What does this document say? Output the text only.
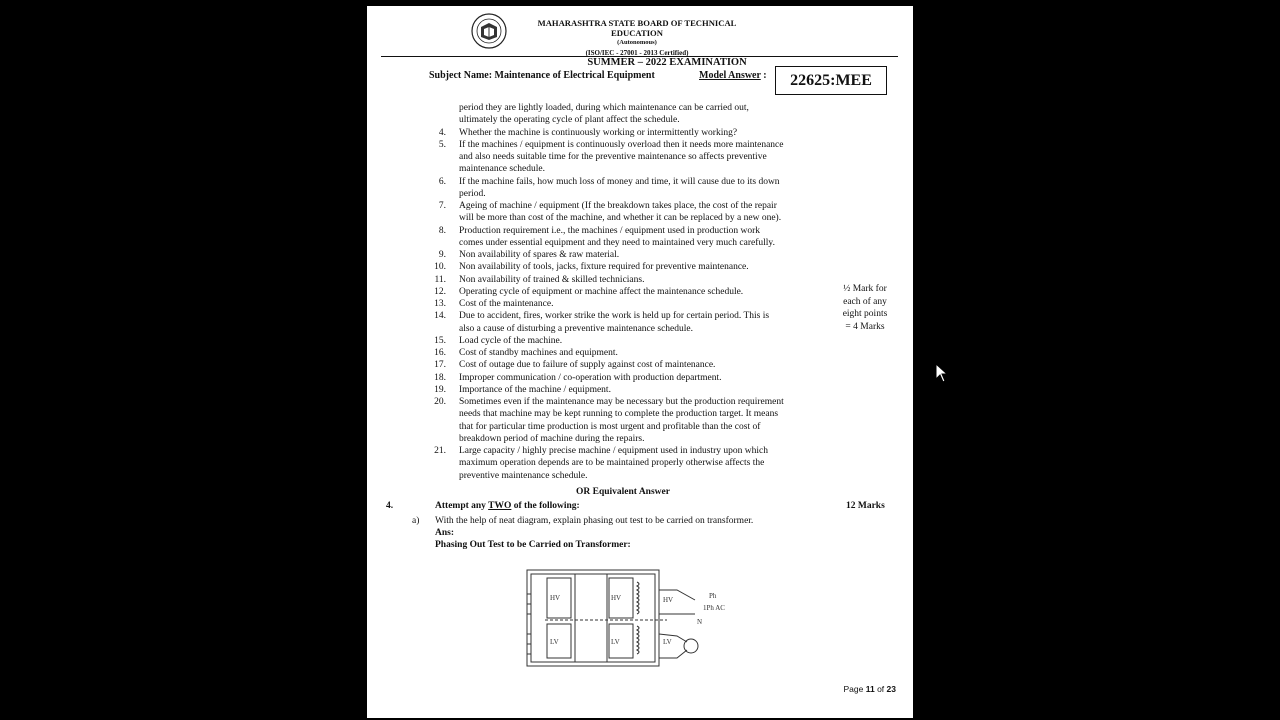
MAHARASHTRA STATE BOARD OF TECHNICAL EDUCATION
(Autonomous)
(ISO/IEC - 27001 - 2013 Certified)
SUMMER – 2022 EXAMINATION
Subject Name: Maintenance of Electrical Equipment	Model Answer :	22625:MEE
period they are lightly loaded, during which maintenance can be carried out,
ultimately the operating cycle of plant affect the schedule.
4. Whether the machine is continuously working or intermittently working?
5. If the machines / equipment is continuously overload then it needs more maintenance
and also needs suitable time for the preventive maintenance so affects preventive
maintenance schedule.
6. If the machine fails, how much loss of money and time, it will cause due to its down
period.
7. Ageing of machine / equipment (If the breakdown takes place, the cost of the repair
will be more than cost of the machine, and whether it can be replaced by a new one).
8. Production requirement i.e., the machines / equipment used in production work
comes under essential equipment and they need to maintained very much carefully.
9. Non availability of spares & raw material.
10. Non availability of tools, jacks, fixture required for preventive maintenance.
11. Non availability of trained & skilled technicians.
12. Operating cycle of equipment or machine affect the maintenance schedule.
13. Cost of the maintenance.
14. Due to accident, fires, worker strike the work is held up for certain period. This is
also a cause of disturbing a preventive maintenance schedule.
15. Load cycle of the machine.
16. Cost of standby machines and equipment.
17. Cost of outage due to failure of supply against cost of maintenance.
18. Improper communication / co-operation with production department.
19. Importance of the machine / equipment.
20. Sometimes even if the maintenance may be necessary but the production requirement
needs that machine may be kept running to complete the production target. It means
that for particular time production is most urgent and profitable than the cost of
breakdown period of machine during the repairs.
21. Large capacity / highly precise machine / equipment used in industry upon which
maximum operation depends are to be maintained properly otherwise affects the
preventive maintenance schedule.
½ Mark for
each of any
eight points
= 4 Marks
OR Equivalent Answer
4.	Attempt any TWO of the following:	12 Marks
a) With the help of neat diagram, explain phasing out test to be carried on transformer.
Ans:
Phasing Out Test to be Carried on Transformer:
HV	HV	HV
LV	LV	LV
Ph
1Ph AC
N
Page 11 of 23
